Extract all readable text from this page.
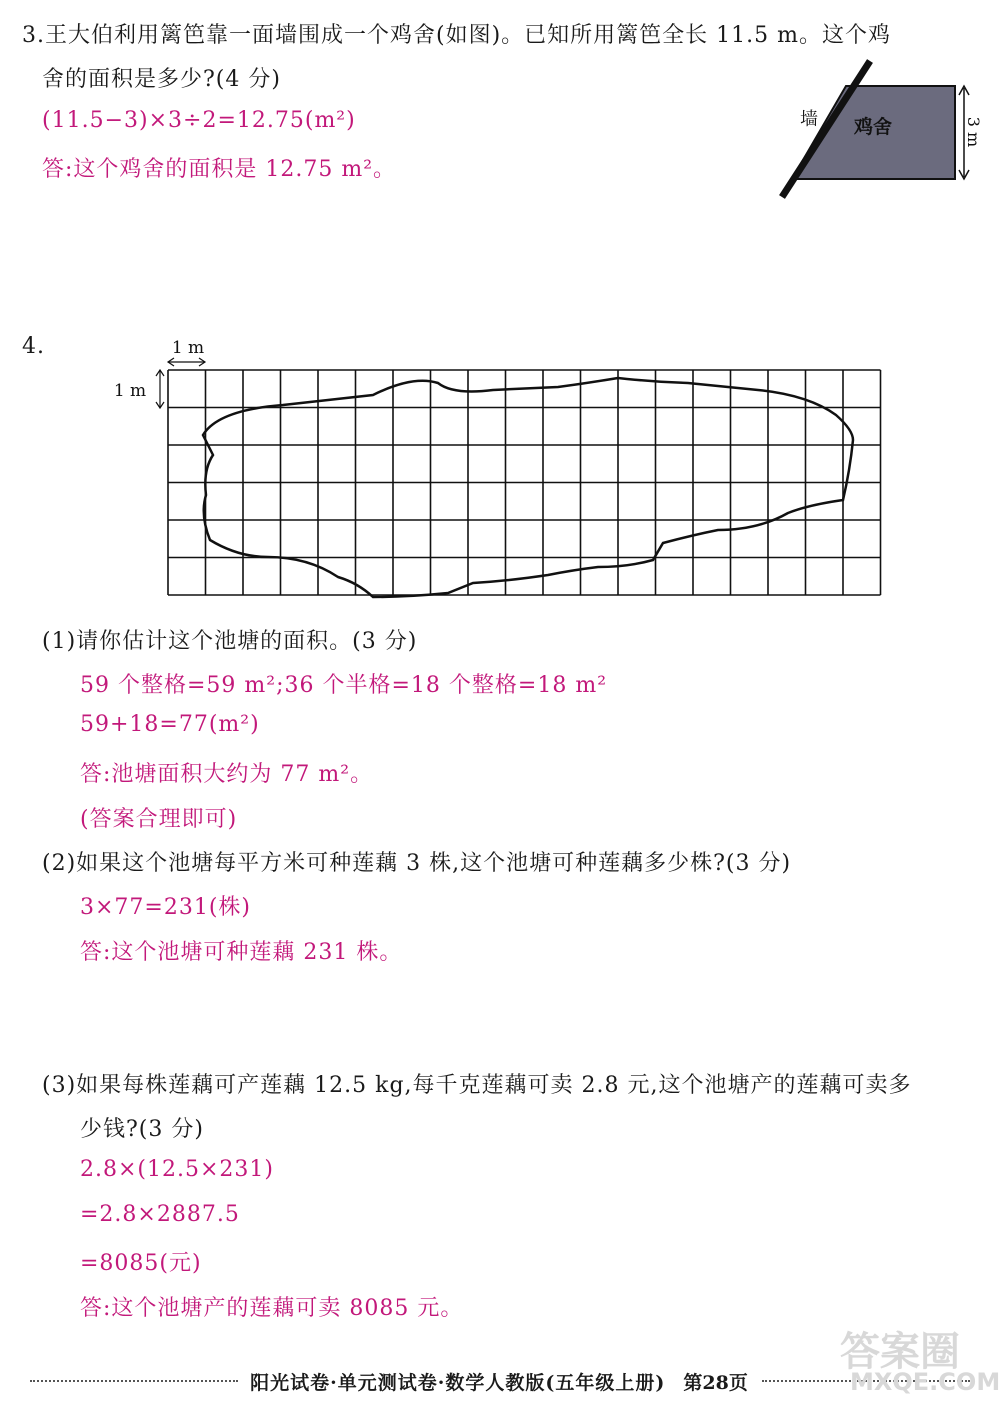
3.王大伯利用篱笆靠一面墙围成一个鸡舍(如图)。已知所用篱笆全长 11.5 m。这个鸡
舍的面积是多少?(4 分)
(11.5−3)×3÷2=12.75(m²)
答:这个鸡舍的面积是 12.75 m²。
墙 鸡舍	3 m
4.	1 m
1 m
(1)请你估计这个池塘的面积。(3 分)
59 个整格=59 m²;36 个半格=18 个整格=18 m²
59+18=77(m²)
答:池塘面积大约为 77 m²。
(答案合理即可)
(2)如果这个池塘每平方米可种莲藕 3 株,这个池塘可种莲藕多少株?(3 分)
3×77=231(株)
答:这个池塘可种莲藕 231 株。
(3)如果每株莲藕可产莲藕 12.5 kg,每千克莲藕可卖 2.8 元,这个池塘产的莲藕可卖多
少钱?(3 分)
2.8×(12.5×231)
=2.8×2887.5
=8085(元)
答:这个池塘产的莲藕可卖 8085 元。
阳光试卷·单元测试卷·数学人教版(五年级上册) 第28页
答案圈
MXQE.COM
